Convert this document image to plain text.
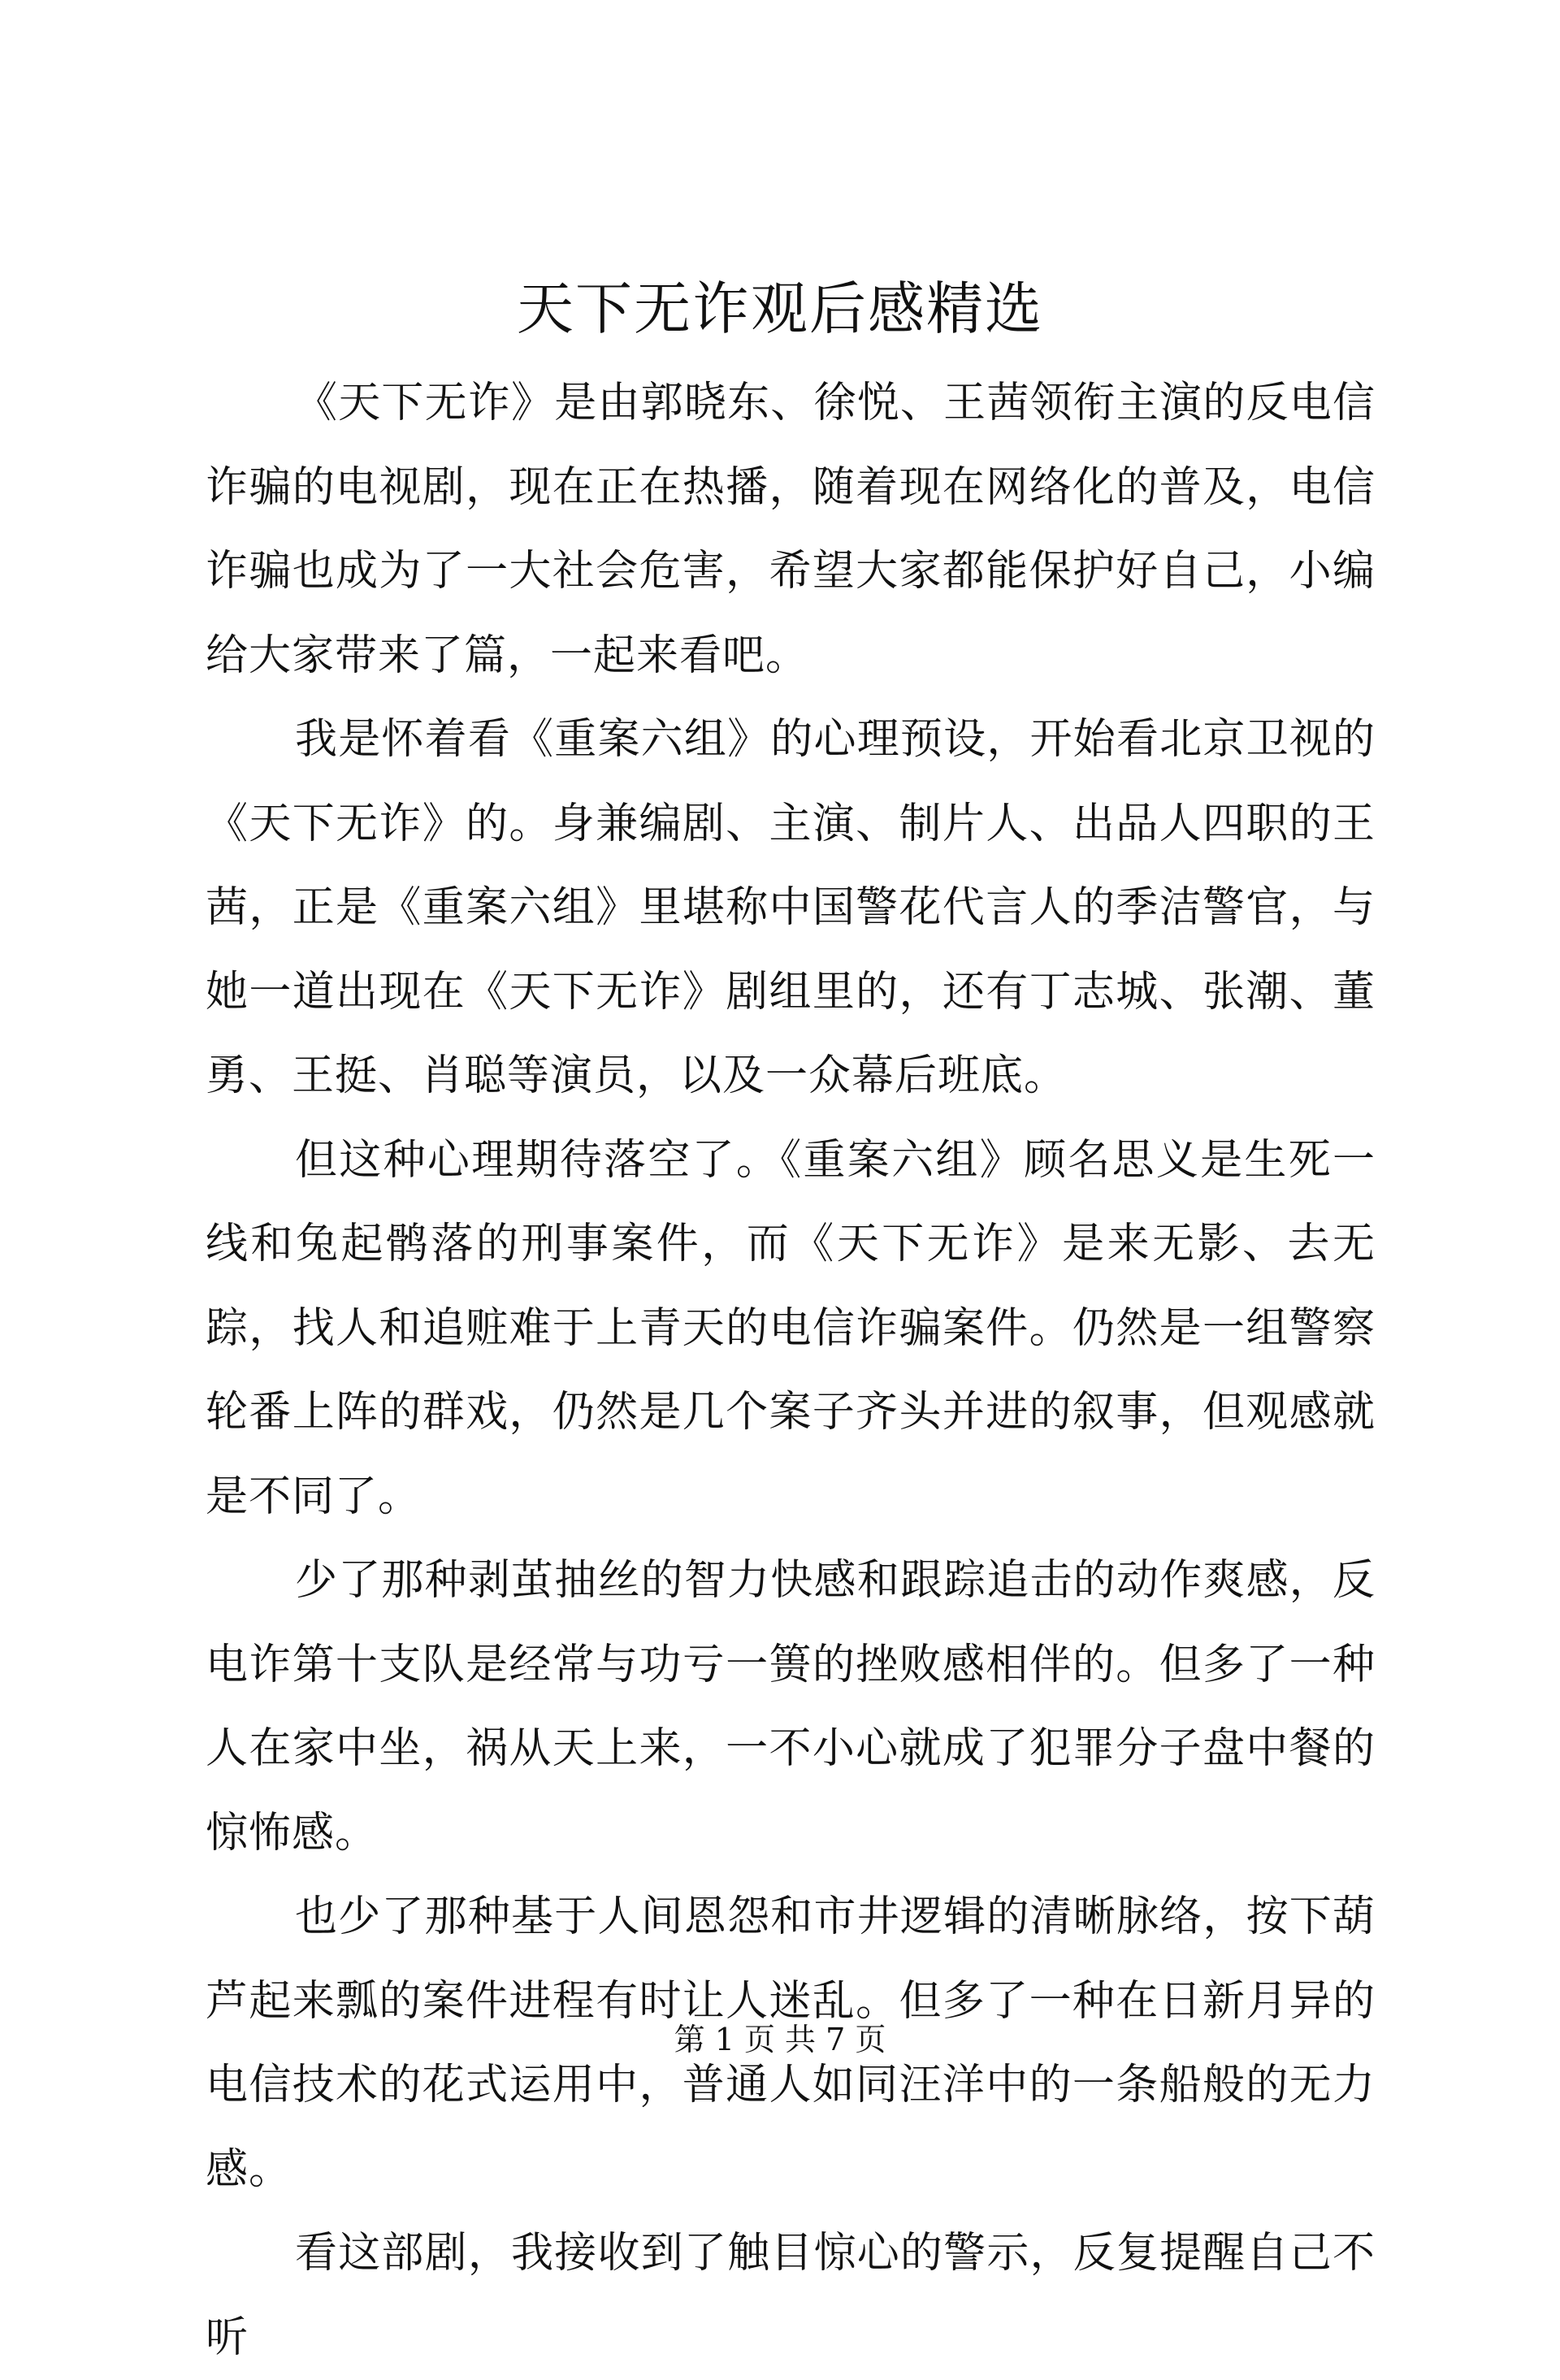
天下无诈观后感精选

《天下无诈》是由郭晓东、徐悦、王茜领衔主演的反电信诈骗的电视剧，现在正在热播，随着现在网络化的普及，电信诈骗也成为了一大社会危害，希望大家都能保护好自己，小编给大家带来了篇，一起来看吧。

我是怀着看《重案六组》的心理预设，开始看北京卫视的《天下无诈》的。身兼编剧、主演、制片人、出品人四职的王茜，正是《重案六组》里堪称中国警花代言人的季洁警官，与她一道出现在《天下无诈》剧组里的，还有丁志城、张潮、董勇、王挺、肖聪等演员，以及一众幕后班底。

但这种心理期待落空了。《重案六组》顾名思义是生死一线和兔起鹘落的刑事案件，而《天下无诈》是来无影、去无踪，找人和追赃难于上青天的电信诈骗案件。仍然是一组警察轮番上阵的群戏，仍然是几个案子齐头并进的叙事，但观感就是不同了。

少了那种剥茧抽丝的智力快感和跟踪追击的动作爽感，反电诈第十支队是经常与功亏一篑的挫败感相伴的。但多了一种人在家中坐，祸从天上来，一不小心就成了犯罪分子盘中餐的惊怖感。

也少了那种基于人间恩怨和市井逻辑的清晰脉络，按下葫芦起来瓢的案件进程有时让人迷乱。但多了一种在日新月异的电信技术的花式运用中，普通人如同汪洋中的一条船般的无力感。

看这部剧，我接收到了触目惊心的警示，反复提醒自己不听

第 1 页 共 7 页
